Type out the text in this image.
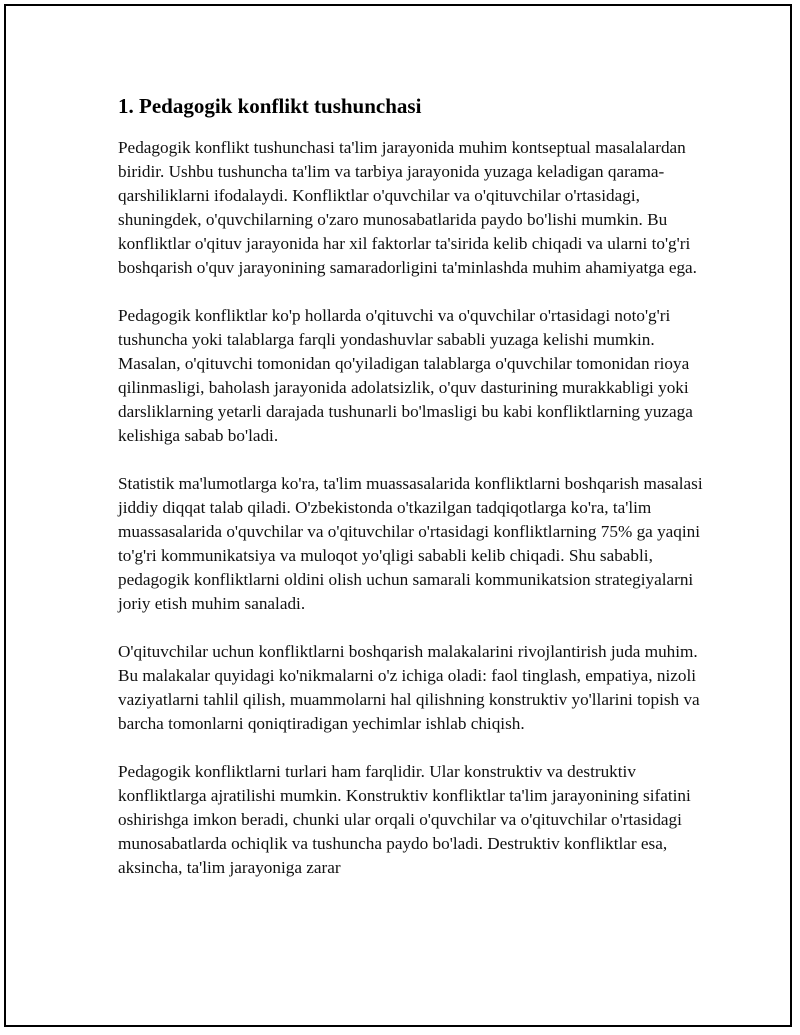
1. Pedagogik konflikt tushunchasi

Pedagogik konflikt tushunchasi ta'lim jarayonida muhim kontseptual masalalardan biridir. Ushbu tushuncha ta'lim va tarbiya jarayonida yuzaga keladigan qarama-qarshiliklarni ifodalaydi. Konfliktlar o'quvchilar va o'qituvchilar o'rtasidagi, shuningdek, o'quvchilarning o'zaro munosabatlarida paydo bo'lishi mumkin. Bu konfliktlar o'qituv jarayonida har xil faktorlar ta'sirida kelib chiqadi va ularni to'g'ri boshqarish o'quv jarayonining samaradorligini ta'minlashda muhim ahamiyatga ega.

Pedagogik konfliktlar ko'p hollarda o'qituvchi va o'quvchilar o'rtasidagi noto'g'ri tushuncha yoki talablarga farqli yondashuvlar sababli yuzaga kelishi mumkin. Masalan, o'qituvchi tomonidan qo'yiladigan talablarga o'quvchilar tomonidan rioya qilinmasligi, baholash jarayonida adolatsizlik, o'quv dasturining murakkabligi yoki darsliklarning yetarli darajada tushunarli bo'lmasligi bu kabi konfliktlarning yuzaga kelishiga sabab bo'ladi.

Statistik ma'lumotlarga ko'ra, ta'lim muassasalarida konfliktlarni boshqarish masalasi jiddiy diqqat talab qiladi. O'zbekistonda o'tkazilgan tadqiqotlarga ko'ra, ta'lim muassasalarida o'quvchilar va o'qituvchilar o'rtasidagi konfliktlarning 75% ga yaqini to'g'ri kommunikatsiya va muloqot yo'qligi sababli kelib chiqadi. Shu sababli, pedagogik konfliktlarni oldini olish uchun samarali kommunikatsion strategiyalarni joriy etish muhim sanaladi.

O'qituvchilar uchun konfliktlarni boshqarish malakalarini rivojlantirish juda muhim. Bu malakalar quyidagi ko'nikmalarni o'z ichiga oladi: faol tinglash, empatiya, nizoli vaziyatlarni tahlil qilish, muammolarni hal qilishning konstruktiv yo'llarini topish va barcha tomonlarni qoniqtiradigan yechimlar ishlab chiqish.

Pedagogik konfliktlarni turlari ham farqlidir. Ular konstruktiv va destruktiv konfliktlarga ajratilishi mumkin. Konstruktiv konfliktlar ta'lim jarayonining sifatini oshirishga imkon beradi, chunki ular orqali o'quvchilar va o'qituvchilar o'rtasidagi munosabatlarda ochiqlik va tushuncha paydo bo'ladi. Destruktiv konfliktlar esa, aksincha, ta'lim jarayoniga zarar
